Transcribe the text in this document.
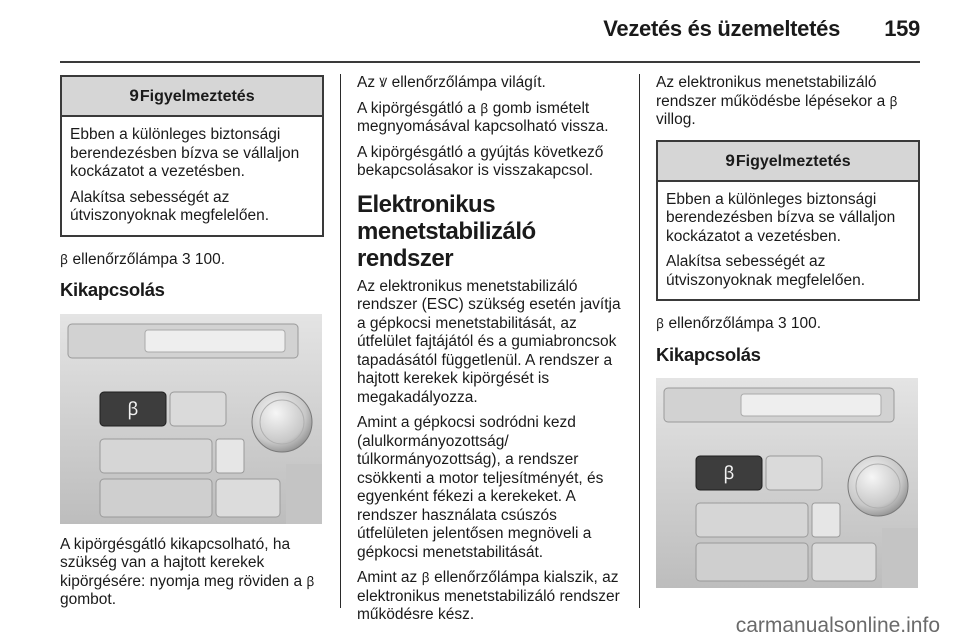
Vezetés és üzemeltetés	159
9Figyelmeztetés

Ebben a különleges biztonsági berendezésben bízva se vállaljon kockázatot a vezetésben.

Alakítsa sebességét az útviszonyoknak megfelelően.

ꞵ ellenőrzőlámpa 3 100.

Kikapcsolás
ꞵ

A kipörgésgátló kikapcsolható, ha szükség van a hajtott kerekek kipörgésére: nyomja meg röviden a ꞵ gombot.

Az Ꝟ ellenőrzőlámpa világít.

A kipörgésgátló a ꞵ gomb ismételt megnyomásával kapcsolható vissza.

A kipörgésgátló a gyújtás következő bekapcsolásakor is visszakapcsol.

Elektronikus menetstabilizáló rendszer

Az elektronikus menetstabilizáló rendszer (ESC) szükség esetén javítja a gépkocsi menetstabilitását, az útfelület fajtájától és a gumiabroncsok tapadásától függetlenül. A rendszer a hajtott kerekek kipörgését is megakadályozza.

Amint a gépkocsi sodródni kezd (alulkormányozottság/ túlkormányozottság), a rendszer csökkenti a motor teljesítményét, és egyenként fékezi a kerekeket. A rendszer használata csúszós útfelületen jelentősen megnöveli a gépkocsi menetstabilitását.

Amint az ꞵ ellenőrzőlámpa kialszik, az elektronikus menetstabilizáló rendszer működésre kész.

Az elektronikus menetstabilizáló rendszer működésbe lépésekor a ꞵ villog.

9Figyelmeztetés

Ebben a különleges biztonsági berendezésben bízva se vállaljon kockázatot a vezetésben.

Alakítsa sebességét az útviszonyoknak megfelelően.

ꞵ ellenőrzőlámpa 3 100.

Kikapcsolás
ꞵ
carmanualsonline.info
